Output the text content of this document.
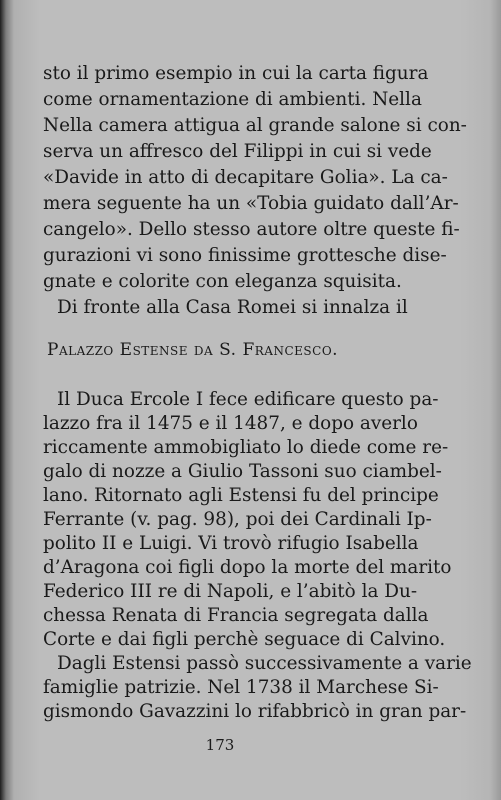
sto il primo esempio in cui la carta figura
come ornamentazione di ambienti. Nella
Nella camera attigua al grande salone si con-
serva un affresco del Filippi in cui si vede
«Davide in atto di decapitare Golia». La ca-
mera seguente ha un «Tobia guidato dall’Ar-
cangelo». Dello stesso autore oltre queste fi-
gurazioni vi sono finissime grottesche dise-
gnate e colorite con eleganza squisita.
Di fronte alla Casa Romei si innalza il
Palazzo Estense da S. Francesco.
Il Duca Ercole I fece edificare questo pa-
lazzo fra il 1475 e il 1487, e dopo averlo
riccamente ammobigliato lo diede come re-
galo di nozze a Giulio Tassoni suo ciambel-
lano. Ritornato agli Estensi fu del principe
Ferrante (v. pag. 98), poi dei Cardinali Ip-
polito II e Luigi. Vi trovò rifugio Isabella
d’Aragona coi figli dopo la morte del marito
Federico III re di Napoli, e l’abitò la Du-
chessa Renata di Francia segregata dalla
Corte e dai figli perchè seguace di Calvino.
Dagli Estensi passò successivamente a varie
famiglie patrizie. Nel 1738 il Marchese Si-
173
gismondo Gavazzini lo rifabbricò in gran par-
